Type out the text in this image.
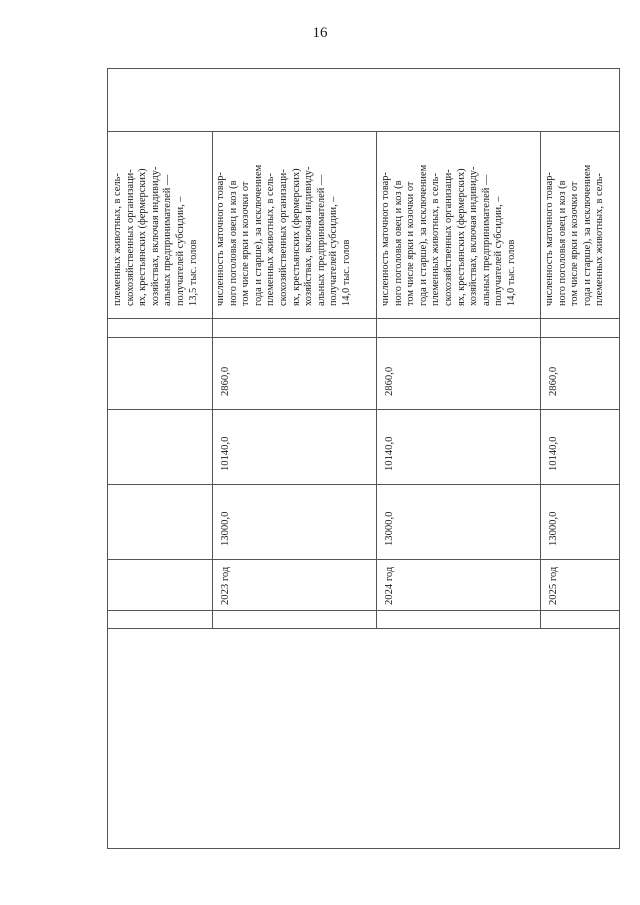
16
племенных животных, в сель-
скохозяйственных организаци-
ях, крестьянских (фермерских)
хозяйствах, включая индивиду-
альных предпринимателей —
получателей субсидии, –
13,5 тыс. голов численность маточного товар-
ного поголовья овец и коз (в
том числе ярки и козочки от
года и старше), за исключением
племенных животных, в сель-
скохозяйственных организаци-
ях, крестьянских (фермерских)
хозяйствах, включая индивиду-
альных предпринимателей —
получателей субсидии, –
14,0 тыс. голов
2860,0
10140,0
13000,0
2023 год
численность маточного товар-
ного поголовья овец и коз (в
том числе ярки и козочки от
года и старше), за исключением
племенных животных, в сель-
скохозяйственных организаци-
ях, крестьянских (фермерских)
хозяйствах, включая индивиду-
альных предпринимателей —
получателей субсидии, –
14,0 тыс. голов
2860,0
10140,0
13000,0
2024 год
численность маточного товар-
ного поголовья овец и коз (в
том числе ярки и козочки от
года и старше), за исключением
племенных животных, в сель-
2860,0
10140,0
13000,0
2025 год
